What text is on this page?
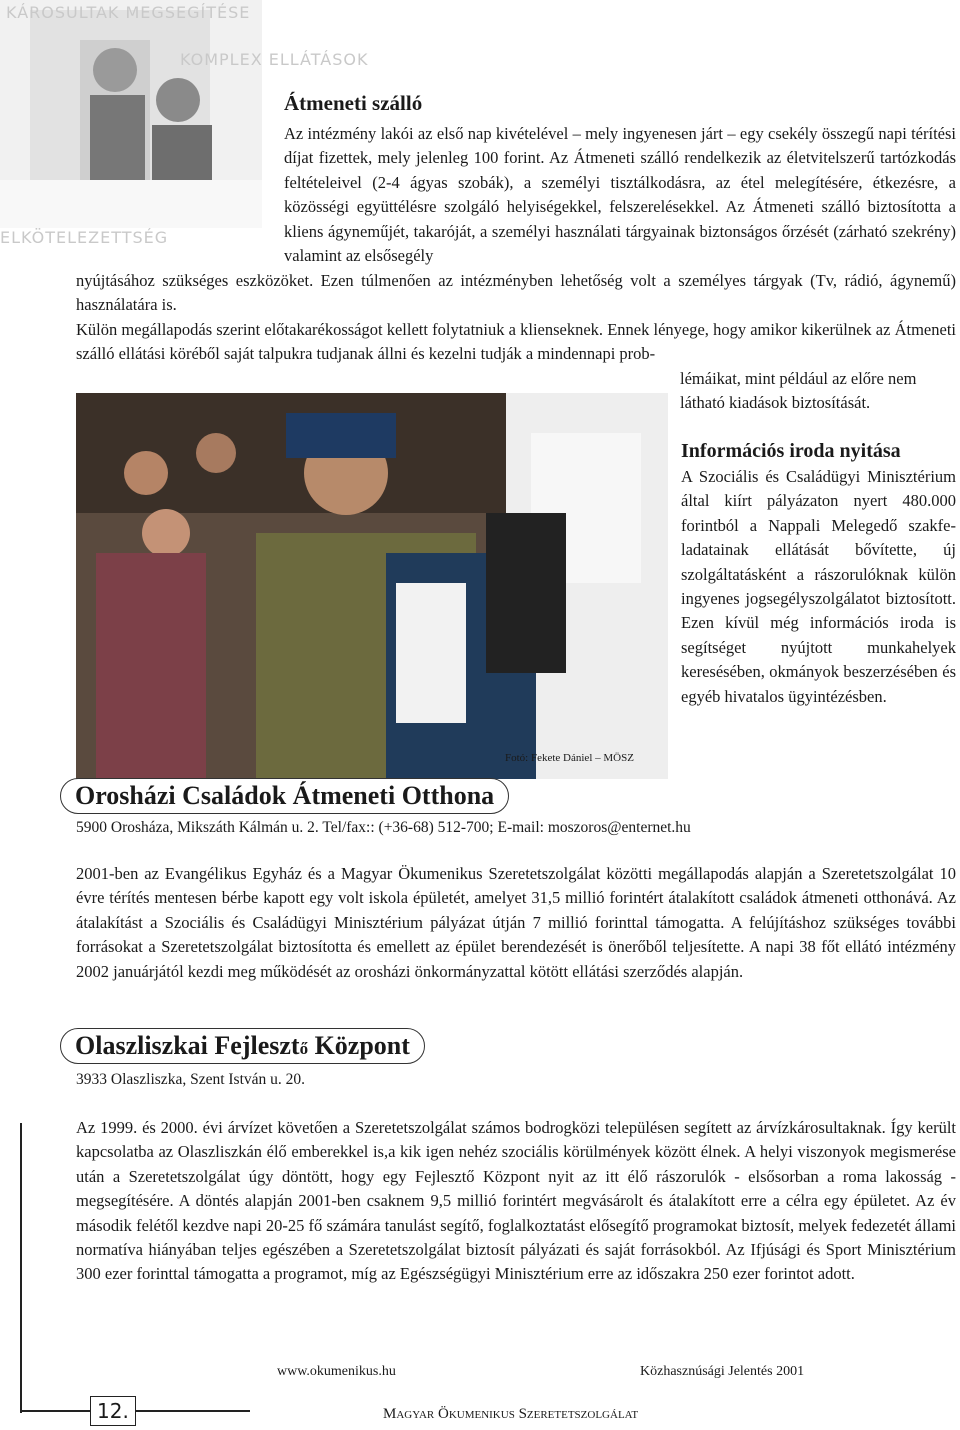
KÁROSULTAK MEGSEGÍTÉSE
KOMPLEX ELLÁTÁSOK
ELKÖTELEZETTSÉG
Átmeneti szálló

Az intézmény lakói az első nap kivételével – mely ingyenesen járt – egy csekély összegű napi térítési díjat fizettek, mely jelenleg 100 forint. Az Átmeneti szálló rendelkezik az életvitelszerű tartózkodás feltételeivel (2-4 ágyas szobák), a személyi tisztálkodásra, az étel melegítésére, étkezésre, a közösségi együttélésre szolgáló helyiségekkel, felszerelésekkel. Az Átmeneti szálló biztosította a kliens ágyneműjét, takaróját, a személyi használati tárgyainak biztonságos őrzését (zárható szekrény) valamint az elsősegély

nyújtásához szükséges eszközöket. Ezen túlmenően az intézményben lehetőség volt a személyes tárgyak (Tv, rádió, ágynemű) használatára is.

Külön megállapodás szerint előtakarékosságot kellett folytatniuk a klienseknek. Ennek lényege, hogy amikor kikerülnek az Átmeneti szálló ellátási köréből saját talpukra tudjanak állni és kezelni tudják a mindennapi prob-

lémáikat, mint például az előre nem látható kiadások biztosítását.

Fotó: Fekete Dániel – MÖSZ
Információs iroda nyitása

A Szociális és Családügyi Minisztérium által kiírt pályázaton nyert 480.000 forintból a Nappali Melegedő szakfe-ladatainak ellátását bővítette, új szolgáltatásként a rászorulóknak külön ingyenes jogsegélyszolgálatot biztosított. Ezen kívül még információs iroda is segítséget nyújtott munkahelyek keresésében, okmányok beszerzésében és egyéb hivatalos ügyintézésben.

Orosházi Családok Átmeneti Otthona
5900 Orosháza, Mikszáth Kálmán u. 2. Tel/fax:: (+36-68) 512-700; E-mail: moszoros@enternet.hu

2001-ben az Evangélikus Egyház és a Magyar Ökumenikus Szeretetszolgálat közötti megállapodás alapján a Szeretetszolgálat 10 évre térítés mentesen bérbe kapott egy volt iskola épületét, amelyet 31,5 millió forintért átalakított családok átmeneti otthonává. Az átalakítást a Szociális és Családügyi Minisztérium pályázat útján 7 millió forinttal támogatta. A felújításhoz szükséges további forrásokat a Szeretetszolgálat biztosította és emellett az épület berendezését is önerőből teljesítette. A napi 38 főt ellátó intézmény 2002 januárjától kezdi meg működését az orosházi önkormányzattal kötött ellátási szerződés alapján.

Olaszliszkai Fejlesztő Központ
3933 Olaszliszka, Szent István u. 20.

Az 1999. és 2000. évi árvízet követően a Szeretetszolgálat számos bodrogközi településen segített az árvízkárosultaknak. Így került kapcsolatba az Olaszliszkán élő emberekkel is,a kik igen nehéz szociális körülmények között élnek. A helyi viszonyok megismerése után a Szeretetszolgálat úgy döntött, hogy egy Fejlesztő Központ nyit az itt élő rászorulók - elsősorban a roma lakosság - megsegítésére. A döntés alapján 2001-ben csaknem 9,5 millió forintért megvásárolt és átalakított erre a célra egy épületet. Az év második felétől kezdve napi 20-25 fő számára tanulást segítő, foglalkoztatást elősegítő programokat biztosít, melyek fedezetét állami normatíva hiányában teljes egészében a Szeretetszolgálat biztosít pályázati és saját forrásokból. Az Ifjúsági és Sport Minisztérium 300 ezer forinttal támogatta a programot, míg az Egészségügyi Minisztérium erre az időszakra 250 ezer forintot adott.

www.okumenikus.hu	Közhasznúsági Jelentés 2001
Magyar Ökumenikus Szeretetszolgálat
12.
